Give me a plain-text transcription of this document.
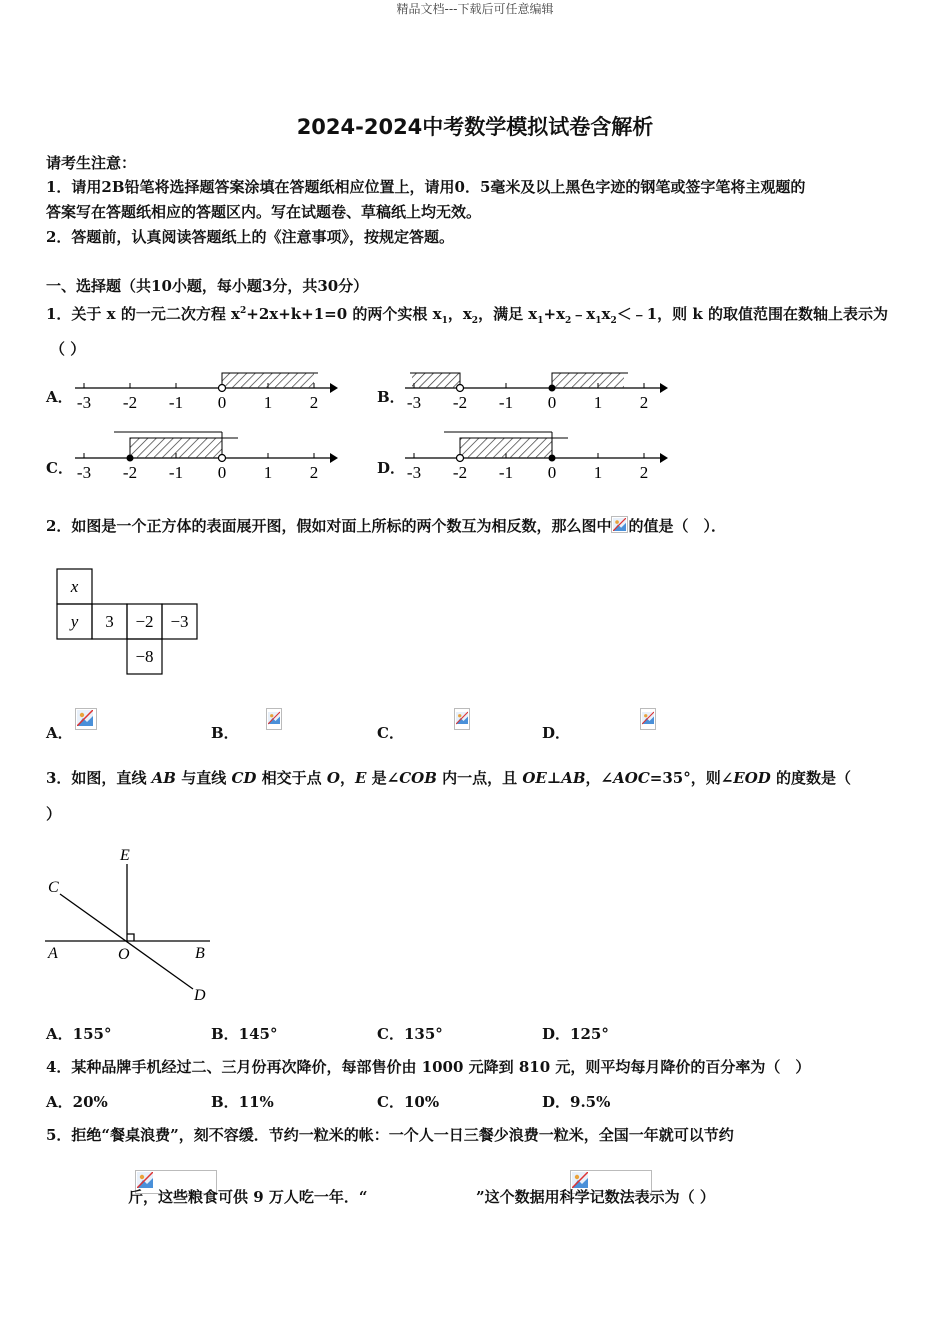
精品文档---下载后可任意编辑
2024-2024中考数学模拟试卷含解析
请考生注意：
1．请用2B铅笔将选择题答案涂填在答题纸相应位置上，请用0．5毫米及以上黑色字迹的钢笔或签字笔将主观题的
答案写在答题纸相应的答题区内。写在试题卷、草稿纸上均无效。
2．答题前，认真阅读答题纸上的《注意事项》，按规定答题。
一、选择题（共10小题，每小题3分，共30分）
1．关于 x 的一元二次方程 $x^2+2x+k+1=0$ 的两个实根 $x_1$，$x_2$，满足 $x_1+x_2﹣x_1x_2<﹣1$，则 k 的取值范围在数轴上表示为
（ ）
A．	B．
C．	D．
-3 -2 -1 0 1 2	-3 -2 -1 0 1 2
-3 -2 -1 0 1 2	-3 -2 -1 0 1 2
2．如图是一个正方体的表面展开图，假如对面上所标的两个数互为相反数，那么图中 的值是（　）．
x
y 3 −2 −3
−8
A．	B．	C．	D．

3．如图，直线 AB 与直线 CD 相交于点 O，E 是∠COB 内一点，且 OE⊥AB，∠AOC=35°，则∠EOD 的度数是（
）
E
C
A	O	B
D
A．155°	B．145°	C．135°	D．125°
4．某种品牌手机经过二、三月份再次降价，每部售价由 1000 元降到 810 元，则平均每月降价的百分率为（　）
A．20%	B．11%	C．10%	D．9.5%
5．拒绝“餐桌浪费”，刻不容缓．节约一粒米的帐：一个人一日三餐少浪费一粒米，全国一年就可以节约

斤，这些粮食可供 9 万人吃一年．“	”这个数据用科学记数法表示为（ ）
